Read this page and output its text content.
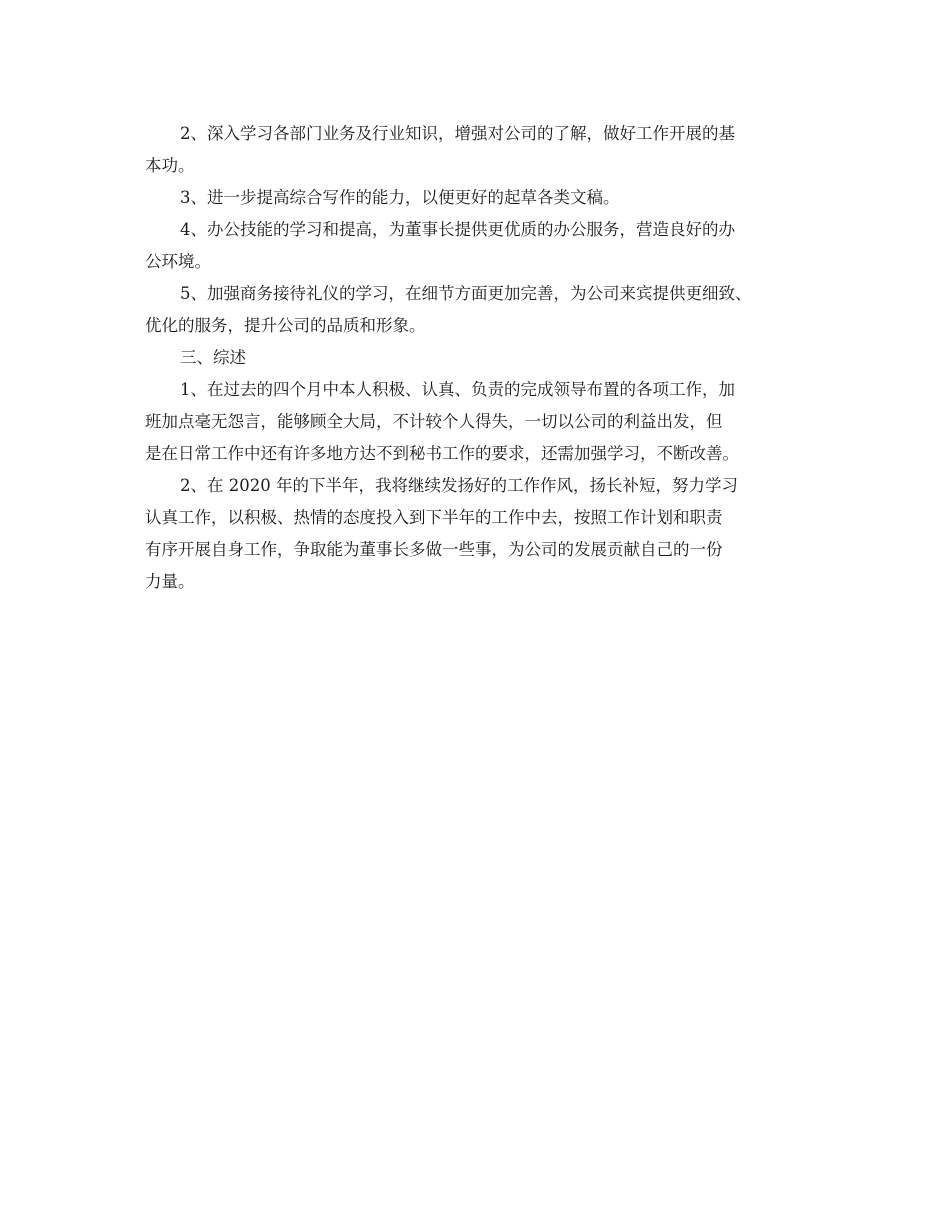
2、深入学习各部门业务及行业知识，增强对公司的了解，做好工作开展的基
本功。
3、进一步提高综合写作的能力，以便更好的起草各类文稿。
4、办公技能的学习和提高，为董事长提供更优质的办公服务，营造良好的办
公环境。
5、加强商务接待礼仪的学习，在细节方面更加完善，为公司来宾提供更细致、
优化的服务，提升公司的品质和形象。
三、综述
1、在过去的四个月中本人积极、认真、负责的完成领导布置的各项工作，加
班加点毫无怨言，能够顾全大局，不计较个人得失，一切以公司的利益出发，但
是在日常工作中还有许多地方达不到秘书工作的要求，还需加强学习，不断改善。
2、在 2020 年的下半年，我将继续发扬好的工作作风，扬长补短，努力学习
认真工作，以积极、热情的态度投入到下半年的工作中去，按照工作计划和职责
有序开展自身工作，争取能为董事长多做一些事，为公司的发展贡献自己的一份
力量。
